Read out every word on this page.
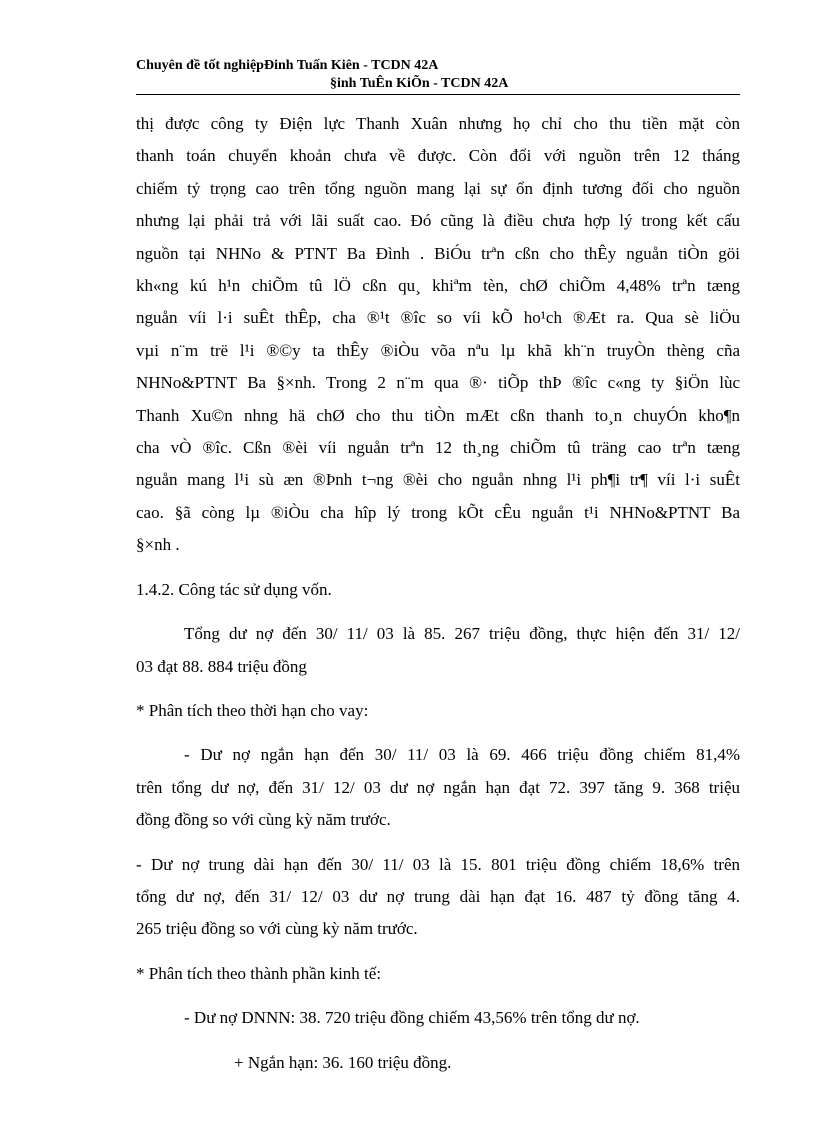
Chuyên đề tốt nghiệpĐinh Tuấn Kiên - TCDN 42A
§inh TuÊn KiÕn - TCDN 42A
thị được công ty Điện lực Thanh Xuân nhưng họ chỉ cho thu tiền mặt còn
thanh toán chuyển khoản chưa về được. Còn đối với nguồn trên 12 tháng
chiếm tỷ trọng cao trên tổng nguồn mang lại sự ổn định tương đối cho nguồn
nhưng lại phải trả với lãi suất cao. Đó cũng là điều chưa hợp lý trong kết cấu
nguồn tại NHNo & PTNT Ba Đình . BiÓu trªn cßn cho thÊy nguån tiÒn göi
kh«ng kú h¹n chiÕm tû lÖ cßn qu¸ khiªm tèn, chØ chiÕm 4,48% trªn tæng
nguån víi l·i suÊt thÊp, cha ®¹t ®îc so víi kÕ ho¹ch ®Æt ra. Qua sè liÖu
vµi n¨m trë l¹i ®©y ta thÊy ®iÒu võa nªu lµ khã kh¨n truyÒn thèng cña
NHNo&PTNT Ba §×nh. Trong 2 n¨m qua ®· tiÕp thÞ ®îc c«ng ty §iÖn lùc
Thanh Xu©n nhng hä chØ cho thu tiÒn mÆt cßn thanh to¸n chuyÓn kho¶n
cha vÒ ®îc. Cßn ®èi víi nguån trªn 12 th¸ng chiÕm tû träng cao trªn tæng
nguån mang l¹i sù æn ®Þnh t¬ng ®èi cho nguån nhng l¹i ph¶i tr¶ víi l·i suÊt
cao. §ã còng lµ ®iÒu cha hîp lý trong kÕt cÊu nguån t¹i NHNo&PTNT Ba
§×nh .
1.4.2. Công tác sử dụng vốn.
Tổng dư nợ đến 30/ 11/ 03 là 85. 267 triệu đồng, thực hiện đến 31/ 12/
03 đạt 88. 884 triệu đồng
* Phân tích theo thời hạn cho vay:
- Dư nợ ngắn hạn đến 30/ 11/ 03 là 69. 466 triệu đồng chiếm 81,4%
trên tổng dư nợ, đến 31/ 12/ 03 dư nợ ngắn hạn đạt 72. 397 tăng 9. 368 triệu
đồng đồng so với cùng kỳ năm trước.
- Dư nợ trung dài hạn đến 30/ 11/ 03 là 15. 801 triệu đồng chiếm 18,6% trên
tổng dư nợ, đến 31/ 12/ 03 dư nợ trung dài hạn đạt 16. 487 tỷ đồng tăng 4.
265 triệu đồng so với cùng kỳ năm trước.
* Phân tích theo thành phần kinh tế:
- Dư nợ DNNN: 38. 720 triệu đồng chiếm 43,56% trên tổng dư nợ.
+ Ngắn hạn: 36. 160 triệu đồng.
